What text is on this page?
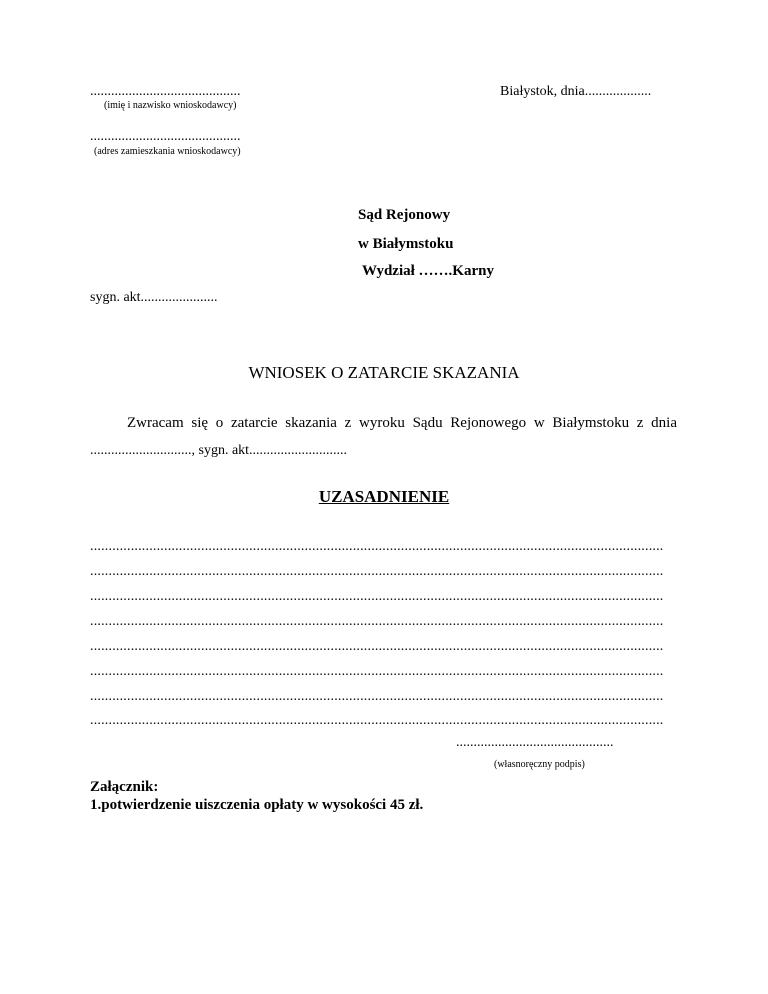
...........................................
(imię i nazwisko wnioskodawcy)
...........................................
(adres zamieszkania wnioskodawcy)
Białystok, dnia...................
Sąd Rejonowy
w Białymstoku
Wydział …….Karny
sygn. akt......................
WNIOSEK O ZATARCIE SKAZANIA
Zwracam się o zatarcie skazania z wyroku Sądu Rejonowego w Białymstoku z dnia
............................., sygn. akt............................
UZASADNIENIE
...........................................................................................................................................................
...........................................................................................................................................................
...........................................................................................................................................................
...........................................................................................................................................................
...........................................................................................................................................................
...........................................................................................................................................................
...........................................................................................................................................................
...........................................................................................................................................................
.............................................
(własnoręczny podpis)
Załącznik:
1.potwierdzenie uiszczenia opłaty w wysokości 45 zł.
